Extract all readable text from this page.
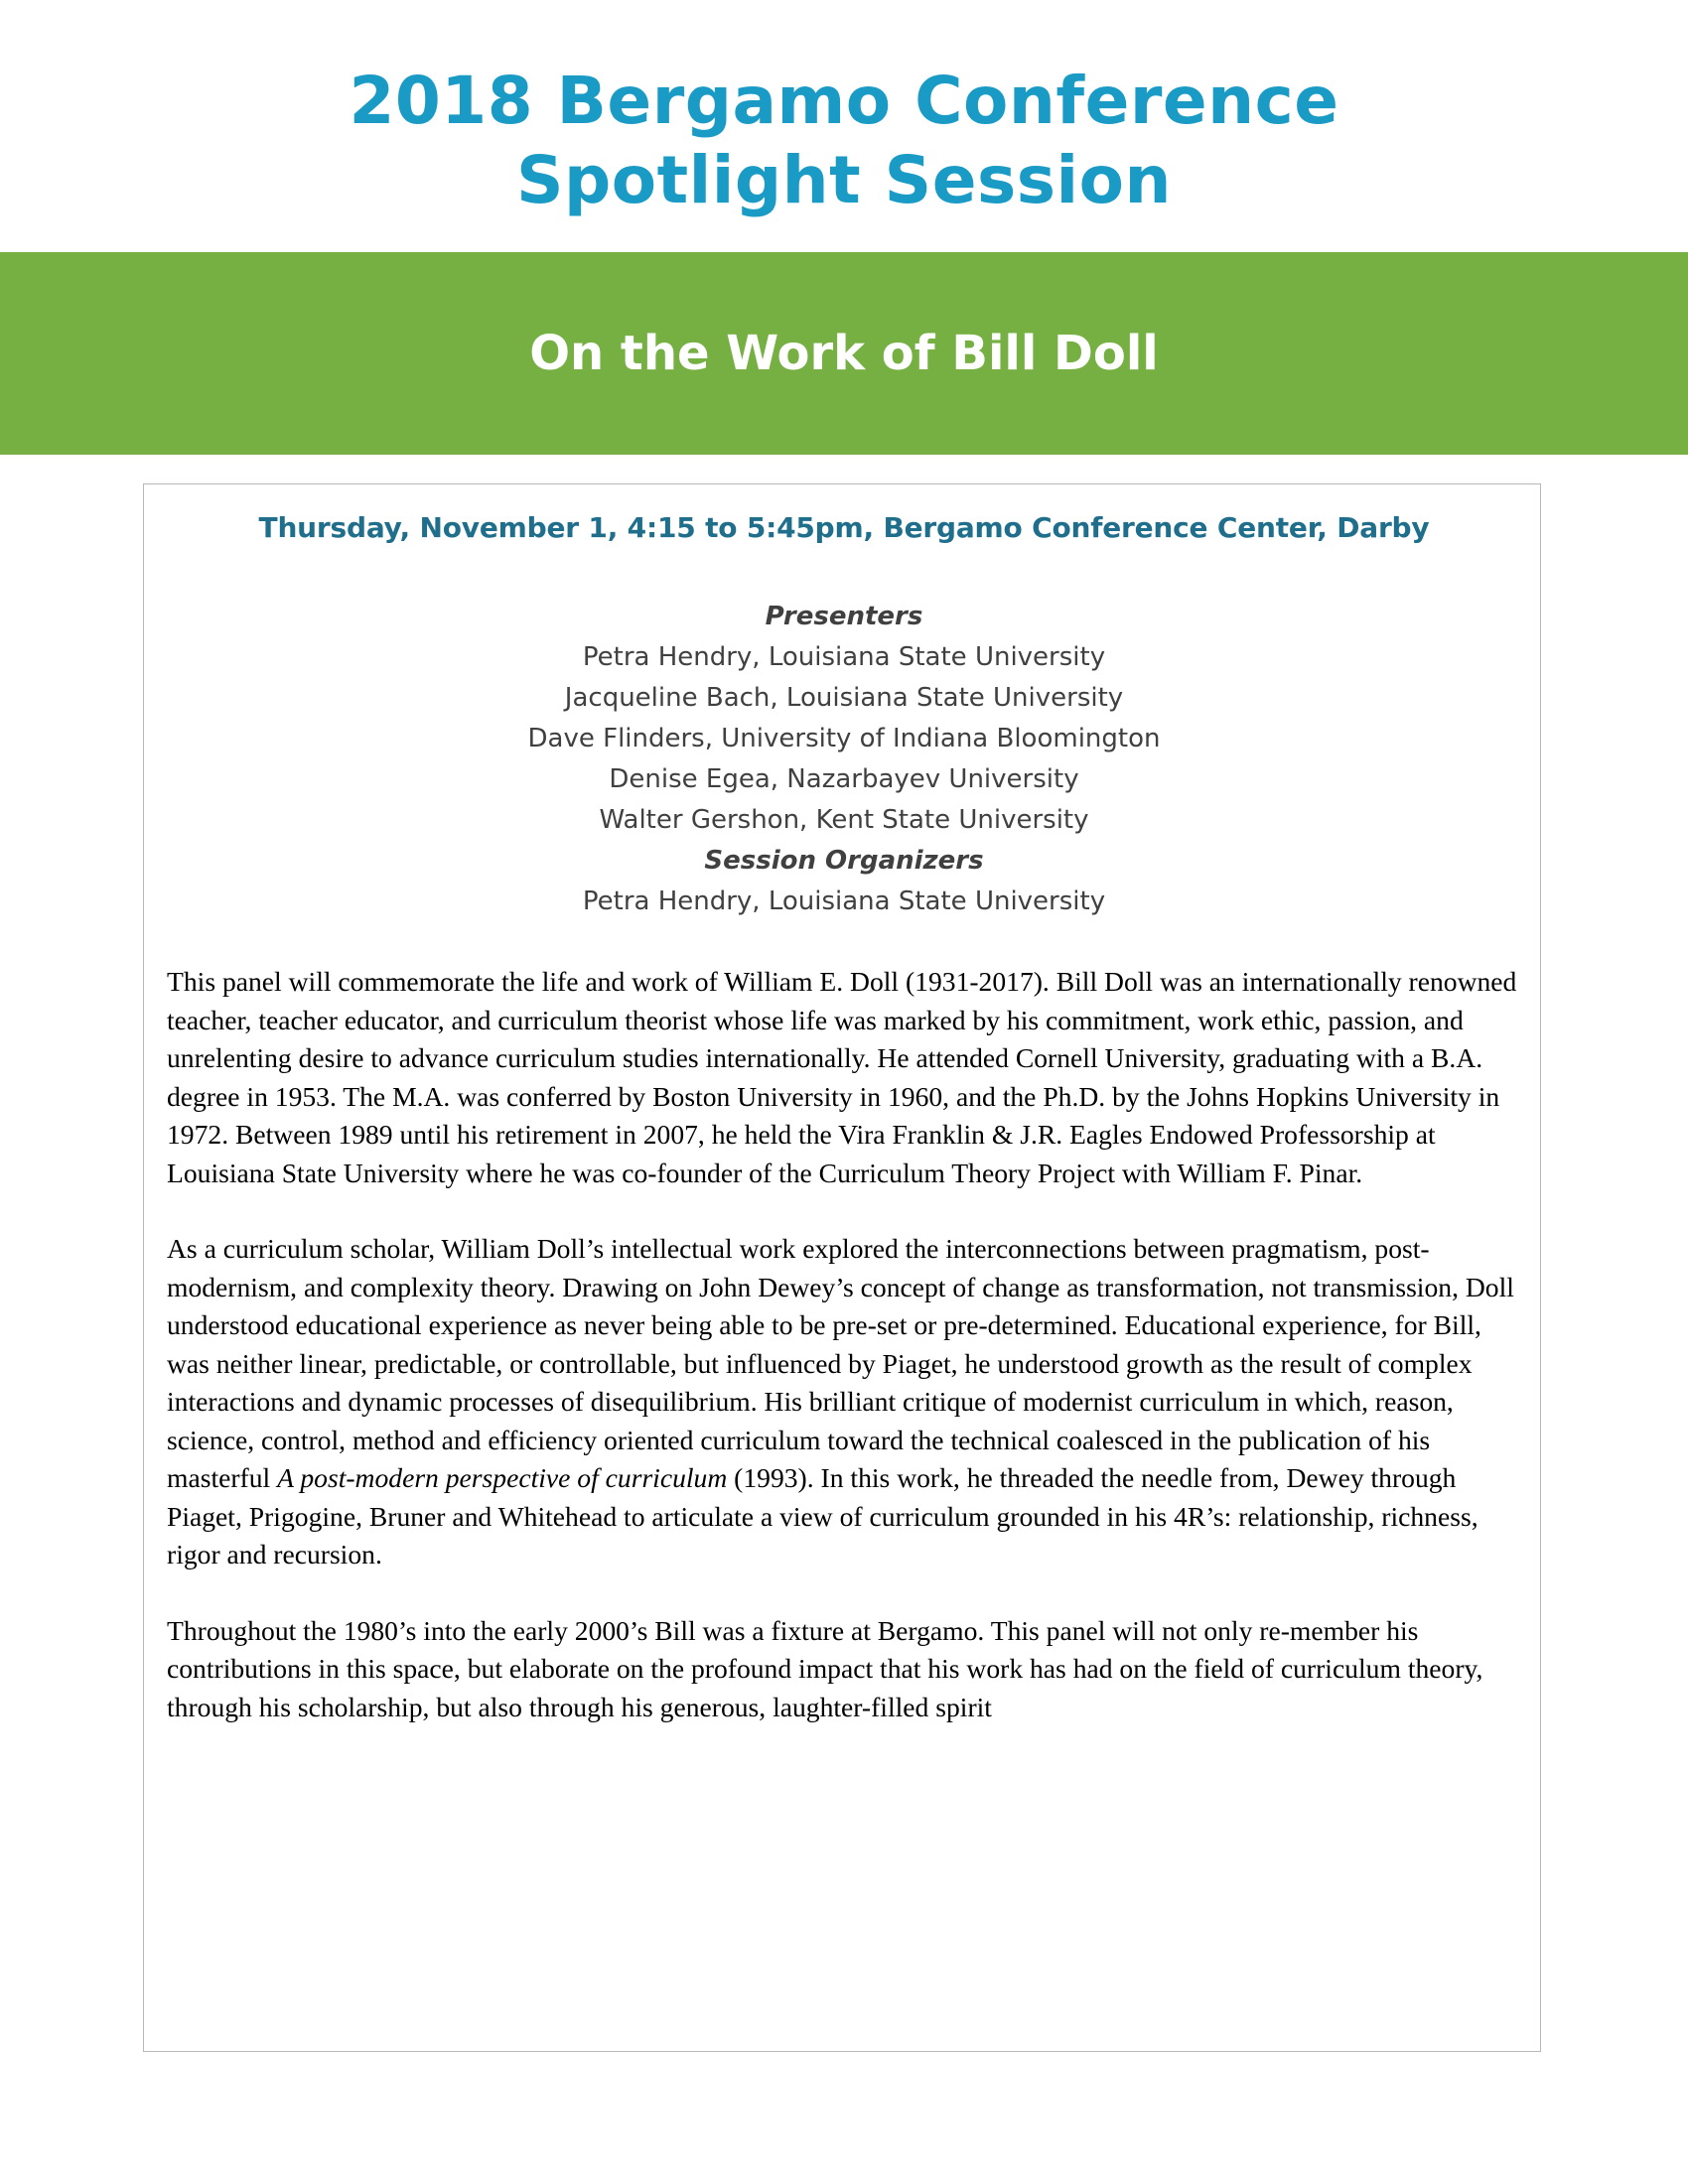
2018 Bergamo Conference
Spotlight Session
On the Work of Bill Doll
Thursday, November 1, 4:15 to 5:45pm, Bergamo Conference Center, Darby
Presenters
Petra Hendry, Louisiana State University
Jacqueline Bach, Louisiana State University
Dave Flinders, University of Indiana Bloomington
Denise Egea, Nazarbayev University
Walter Gershon, Kent State University
Session Organizers
Petra Hendry, Louisiana State University

This panel will commemorate the life and work of William E. Doll (1931-2017). Bill Doll was an internationally renowned teacher, teacher educator, and curriculum theorist whose life was marked by his commitment, work ethic, passion, and unrelenting desire to advance curriculum studies internationally. He attended Cornell University, graduating with a B.A. degree in 1953. The M.A. was conferred by Boston University in 1960, and the Ph.D. by the Johns Hopkins University in 1972. Between 1989 until his retirement in 2007, he held the Vira Franklin & J.R. Eagles Endowed Professorship at Louisiana State University where he was co-founder of the Curriculum Theory Project with William F. Pinar.

As a curriculum scholar, William Doll’s intellectual work explored the interconnections between pragmatism, post-modernism, and complexity theory. Drawing on John Dewey’s concept of change as transformation, not transmission, Doll understood educational experience as never being able to be pre-set or pre-determined. Educational experience, for Bill, was neither linear, predictable, or controllable, but influenced by Piaget, he understood growth as the result of complex interactions and dynamic processes of disequilibrium. His brilliant critique of modernist curriculum in which, reason, science, control, method and efficiency oriented curriculum toward the technical coalesced in the publication of his masterful A post-modern perspective of curriculum (1993). In this work, he threaded the needle from, Dewey through Piaget, Prigogine, Bruner and Whitehead to articulate a view of curriculum grounded in his 4R’s: relationship, richness, rigor and recursion.

Throughout the 1980’s into the early 2000’s Bill was a fixture at Bergamo. This panel will not only re-member his contributions in this space, but elaborate on the profound impact that his work has had on the field of curriculum theory, through his scholarship, but also through his generous, laughter-filled spirit
